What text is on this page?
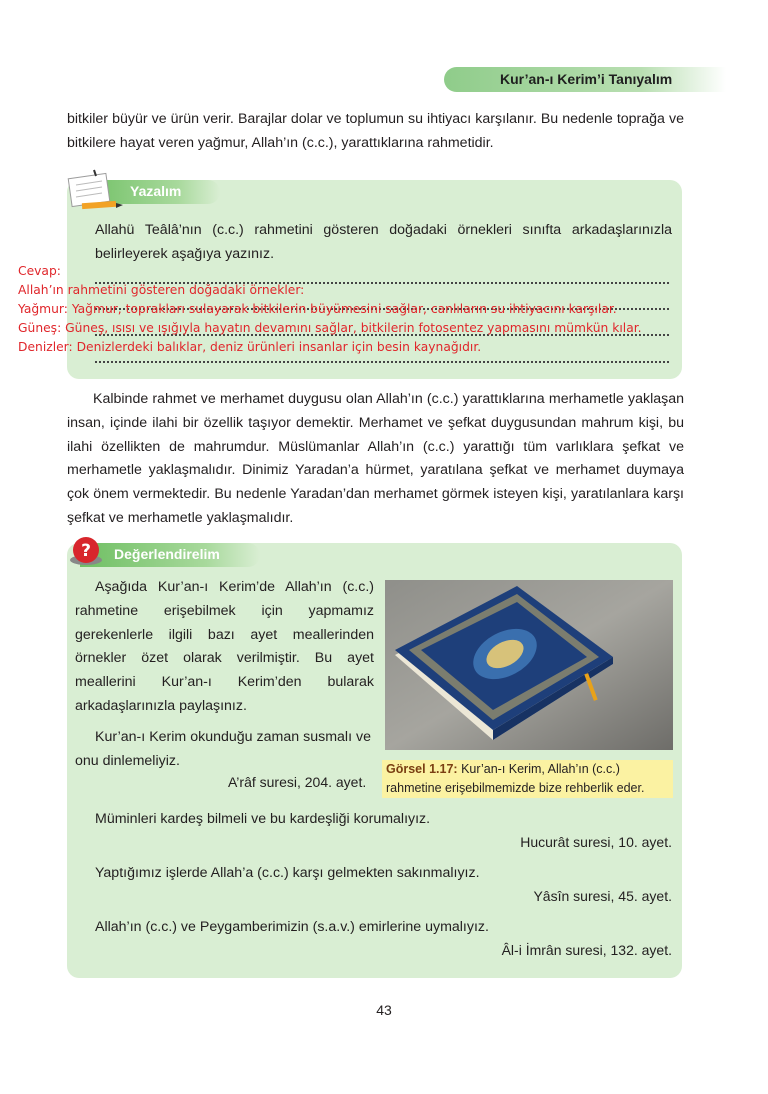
Kur’an-ı Kerim’i Tanıyalım

bitkiler büyür ve ürün verir. Barajlar dolar ve toplumun su ihtiyacı karşılanır. Bu nedenle toprağa ve bitkilere hayat veren yağmur, Allah’ın (c.c.), yarattıklarına rahmetidir.

Yazalım

Allahü Teâlâ’nın (c.c.) rahmetini gösteren doğadaki örnekleri sınıfta arkadaşlarınızla belirleyerek aşağıya yazınız.

Cevap:
Allah’ın rahmetini gösteren doğadaki örnekler:
Yağmur: Yağmur, toprakları sulayarak bitkilerin büyümesini sağlar, canlıların su ihtiyacını karşılar.
Güneş: Güneş, ısısı ve ışığıyla hayatın devamını sağlar, bitkilerin fotosentez yapmasını mümkün kılar.
Denizler: Denizlerdeki balıklar, deniz ürünleri insanlar için besin kaynağıdır.

Kalbinde rahmet ve merhamet duygusu olan Allah’ın (c.c.) yarattıklarına merhametle yaklaşan insan, içinde ilahi bir özellik taşıyor demektir. Merhamet ve şefkat duygusundan mahrum kişi, bu ilahi özellikten de mahrumdur. Müslümanlar Allah’ın (c.c.) yarattığı tüm varlıklara şefkat ve merhametle yaklaşmalıdır. Dinimiz Yaradan’a hürmet, yaratılana şefkat ve merhamet duymaya çok önem vermektedir. Bu nedenle Yaradan’dan merhamet görmek isteyen kişi, yaratılanlara karşı şefkat ve merhametle yaklaşmalıdır.

Değerlendirelim
?

Aşağıda Kur’an-ı Kerim’de Allah’ın (c.c.) rahmetine erişebilmek için yapmamız gerekenlerle ilgili bazı ayet meallerinden örnekler özet olarak verilmiştir. Bu ayet meallerini Kur’an-ı Kerim’den bularak arkadaşlarınızla paylaşınız.

Görsel 1.17: Kur’an-ı Kerim, Allah’ın (c.c.) rahmetine erişebilmemizde bize rehberlik eder.

Kur’an-ı Kerim okunduğu zaman susmalı ve onu dinlemeliyiz.

A’râf suresi, 204. ayet.

Müminleri kardeş bilmeli ve bu kardeşliği korumalıyız.

Hucurât suresi, 10. ayet.

Yaptığımız işlerde Allah’a (c.c.) karşı gelmekten sakınmalıyız.

Yâsîn suresi, 45. ayet.

Allah’ın (c.c.) ve Peygamberimizin (s.a.v.) emirlerine uymalıyız.

Âl-i İmrân suresi, 132. ayet.
43
